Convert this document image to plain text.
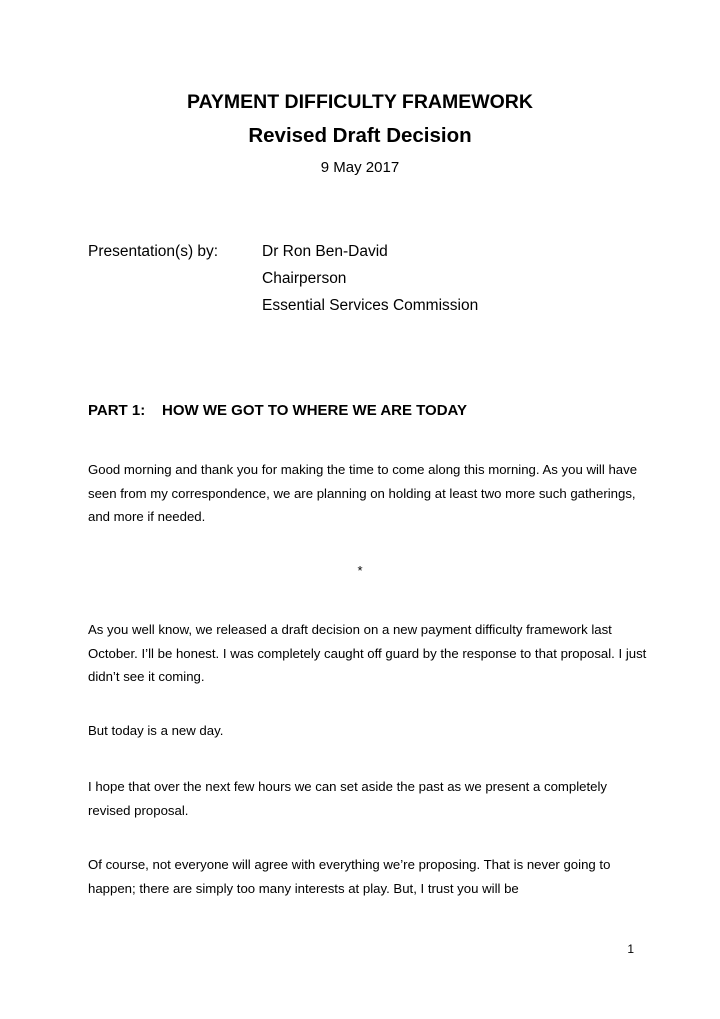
PAYMENT DIFFICULTY FRAMEWORK
Revised Draft Decision
9 May 2017
Presentation(s) by:	Dr Ron Ben-David
Chairperson
Essential Services Commission
PART 1: HOW WE GOT TO WHERE WE ARE TODAY

Good morning and thank you for making the time to come along this morning. As you will have seen from my correspondence, we are planning on holding at least two more such gatherings, and more if needed.

*

As you well know, we released a draft decision on a new payment difficulty framework last October. I’ll be honest. I was completely caught off guard by the response to that proposal. I just didn’t see it coming.

But today is a new day.

I hope that over the next few hours we can set aside the past as we present a completely revised proposal.

Of course, not everyone will agree with everything we’re proposing. That is never going to happen; there are simply too many interests at play. But, I trust you will be

1
